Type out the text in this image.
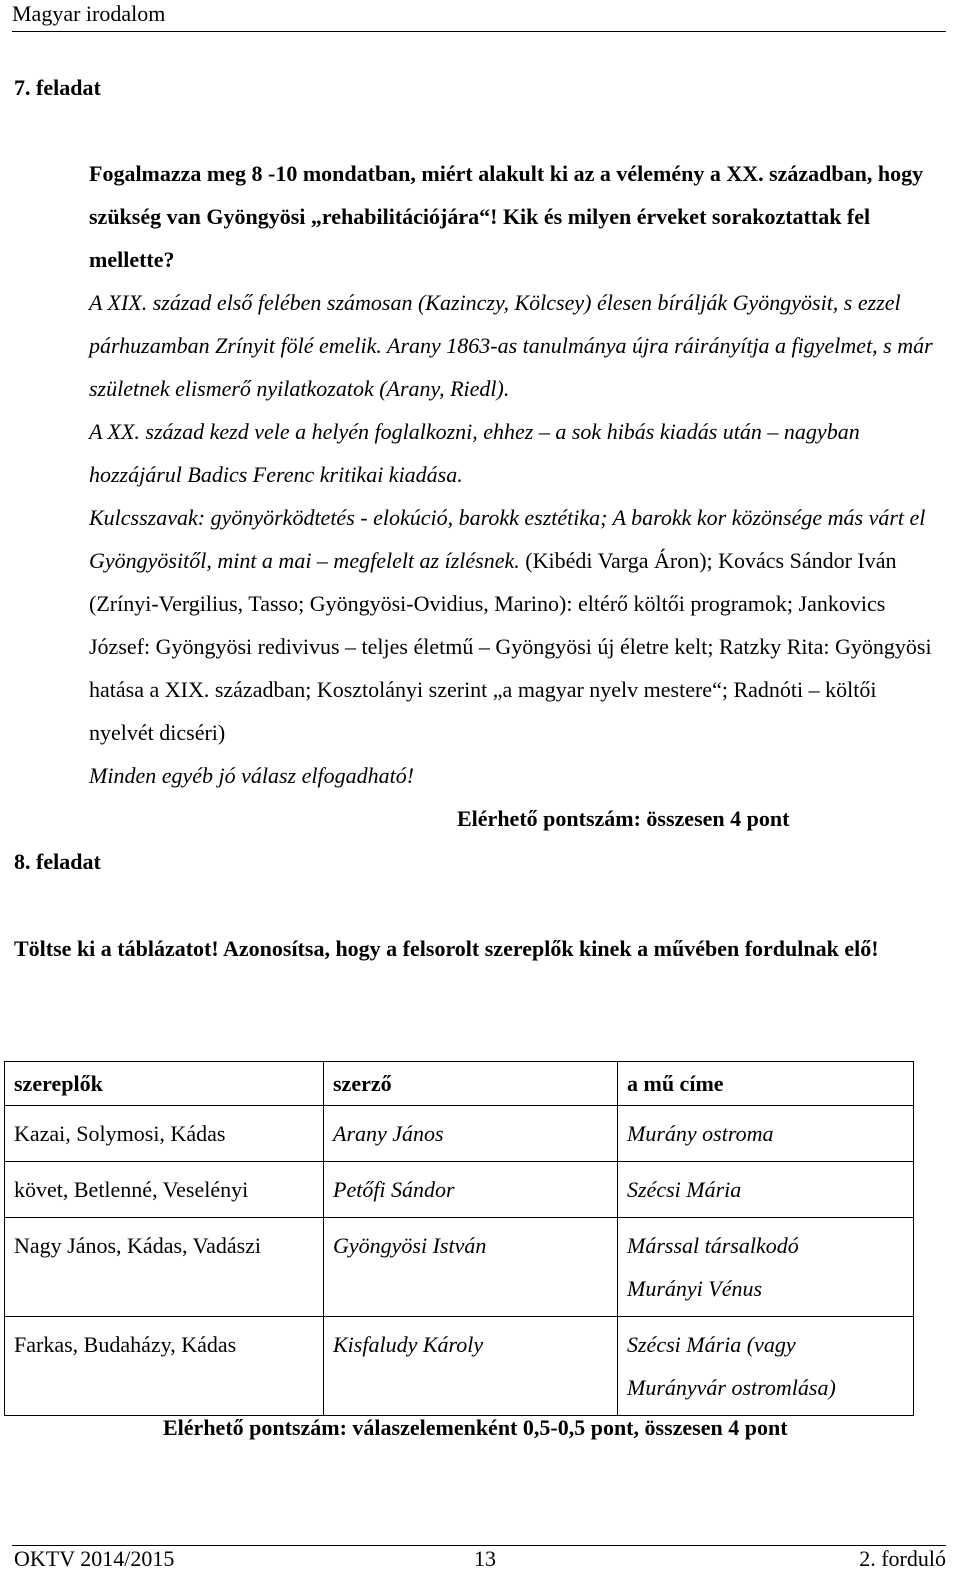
Magyar irodalom
7. feladat
Fogalmazza meg 8 -10 mondatban, miért alakult ki az a vélemény a XX. században, hogy szükség van Gyöngyösi „rehabilitációjára“! Kik és milyen érveket sorakoztattak fel mellette?
A XIX. század első felében számosan (Kazinczy, Kölcsey) élesen bírálják Gyöngyösit, s ezzel párhuzamban Zrínyit fölé emelik. Arany 1863-as tanulmánya újra ráirányítja a figyelmet, s már születnek elismerő nyilatkozatok (Arany, Riedl).
A XX. század kezd vele a helyén foglalkozni, ehhez – a sok hibás kiadás után – nagyban hozzájárul Badics Ferenc kritikai kiadása.
Kulcsszavak: gyönyörködtetés - elokúció, barokk esztétika; A barokk kor közönsége más várt el Gyöngyösitől, mint a mai – megfelelt az ízlésnek. (Kibédi Varga Áron); Kovács Sándor Iván (Zrínyi-Vergilius, Tasso; Gyöngyösi-Ovidius, Marino): eltérő költői programok; Jankovics József: Gyöngyösi redivivus – teljes életmű – Gyöngyösi új életre kelt; Ratzky Rita: Gyöngyösi hatása a XIX. században; Kosztolányi szerint „a magyar nyelv mestere“; Radnóti – költői nyelvét dicséri)
Minden egyéb jó válasz elfogadható!
Elérhető pontszám: összesen 4 pont
8. feladat
Töltse ki a táblázatot! Azonosítsa, hogy a felsorolt szereplők kinek a művében fordulnak elő!
szereplők	szerző	a mű címe
Kazai, Solymosi, Kádas	Arany János	Murány ostroma

követ, Betlenné, Veselényi	Petőfi Sándor	Szécsi Mária

Nagy János, Kádas, Vadászi	Gyöngyösi István	Márssal társalkodó
Murányi Vénus

Farkas, Budaházy, Kádas	Kisfaludy Károly	Szécsi Mária (vagy
Murányvár ostromlása)
Elérhető pontszám: válaszelemenként 0,5-0,5 pont, összesen 4 pont
OKTV 2014/2015	13	2. forduló
